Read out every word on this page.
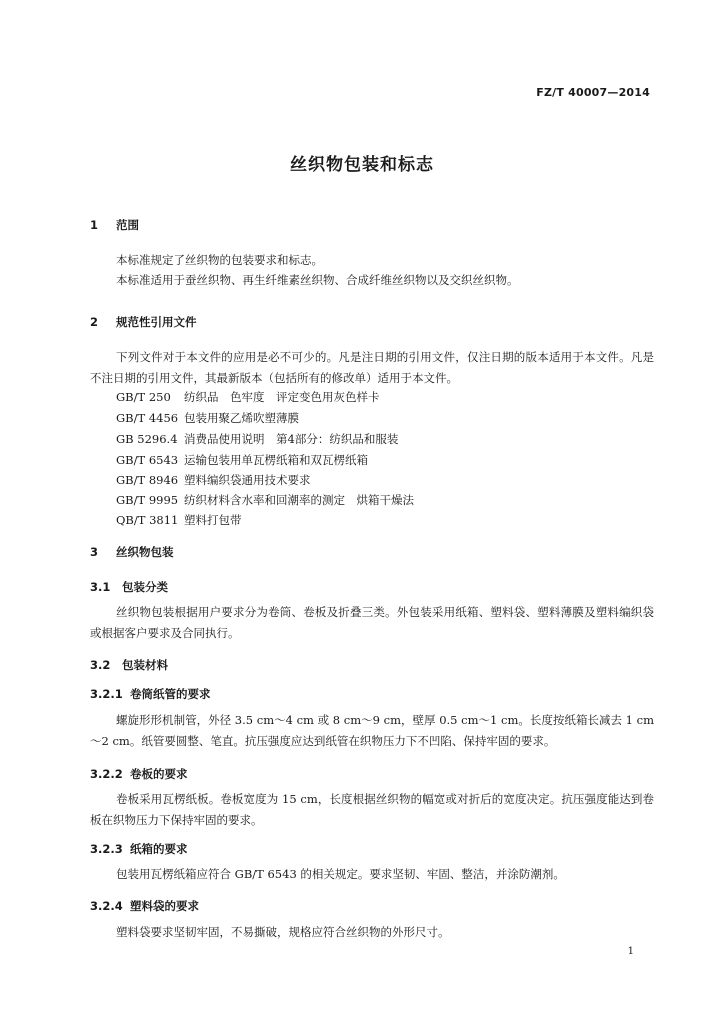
FZ/T 40007—2014
丝织物包装和标志
1 范围
本标准规定了丝织物的包装要求和标志。
本标准适用于蚕丝织物、再生纤维素丝织物、合成纤维丝织物以及交织丝织物。
2 规范性引用文件

下列文件对于本文件的应用是必不可少的。凡是注日期的引用文件，仅注日期的版本适用于本文件。凡是不注日期的引用文件，其最新版本（包括所有的修改单）适用于本文件。

GB/T 250 纺织品　色牢度　评定变色用灰色样卡
GB/T 4456 包装用聚乙烯吹塑薄膜
GB 5296.4 消费品使用说明　第4部分：纺织品和服装
GB/T 6543 运输包装用单瓦楞纸箱和双瓦楞纸箱
GB/T 8946 塑料编织袋通用技术要求
GB/T 9995 纺织材料含水率和回潮率的测定　烘箱干燥法
QB/T 3811 塑料打包带
3 丝织物包装
3.1 包装分类

丝织物包装根据用户要求分为卷筒、卷板及折叠三类。外包装采用纸箱、塑料袋、塑料薄膜及塑料编织袋或根据客户要求及合同执行。

3.2 包装材料
3.2.1 卷筒纸管的要求

螺旋形形机制管，外径 3.5 cm～4 cm 或 8 cm～9 cm，壁厚 0.5 cm～1 cm。长度按纸箱长减去 1 cm～2 cm。纸管要圆整、笔直。抗压强度应达到纸管在织物压力下不凹陷、保持牢固的要求。

3.2.2 卷板的要求

卷板采用瓦楞纸板。卷板宽度为 15 cm，长度根据丝织物的幅宽或对折后的宽度决定。抗压强度能达到卷板在织物压力下保持牢固的要求。

3.2.3 纸箱的要求

包装用瓦楞纸箱应符合 GB/T 6543 的相关规定。要求坚韧、牢固、整洁，并涂防潮剂。

3.2.4 塑料袋的要求

塑料袋要求坚韧牢固，不易撕破，规格应符合丝织物的外形尺寸。

1
